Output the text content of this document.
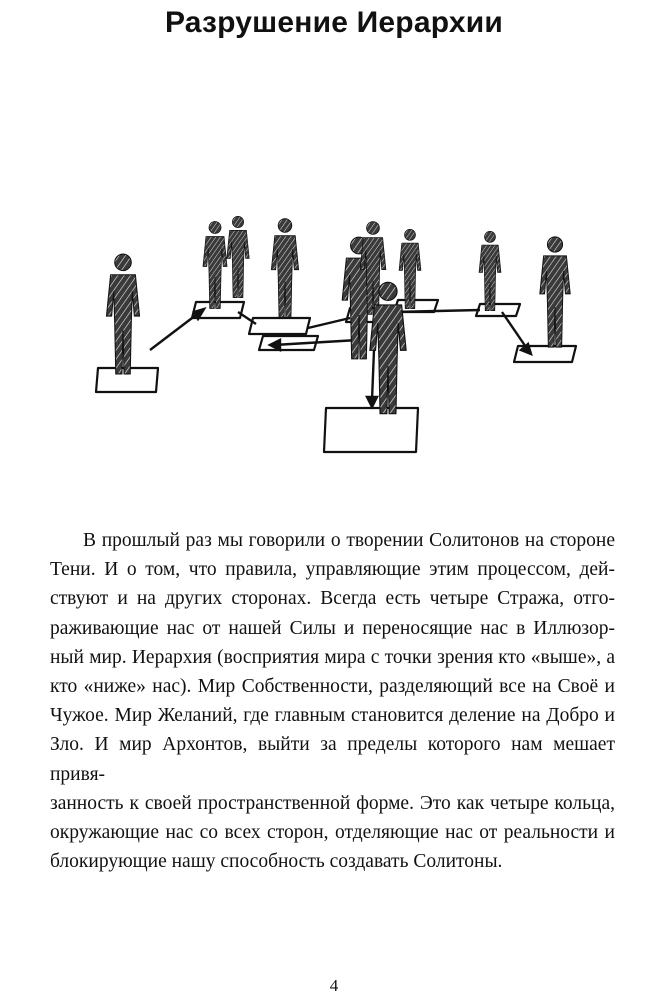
Разрушение Иерархии
В прошлый раз мы говорили о творении Солитонов на стороне
Тени. И о том, что правила, управляющие этим процессом, дей-
ствуют и на других сторонах. Всегда есть четыре Стража, отго-
раживающие нас от нашей Силы и переносящие нас в Иллюзор-
ный мир. Иерархия (восприятия мира с точки зрения кто «выше», а
кто «ниже» нас). Мир Собственности, разделяющий все на Своё и
Чужое. Мир Желаний, где главным становится деление на Добро и
Зло. И мир Архонтов, выйти за пределы которого нам мешает привя-
занность к своей пространственной форме. Это как четыре кольца,
окружающие нас со всех сторон, отделяющие нас от реальности и
блокирующие нашу способность создавать Солитоны.
4
